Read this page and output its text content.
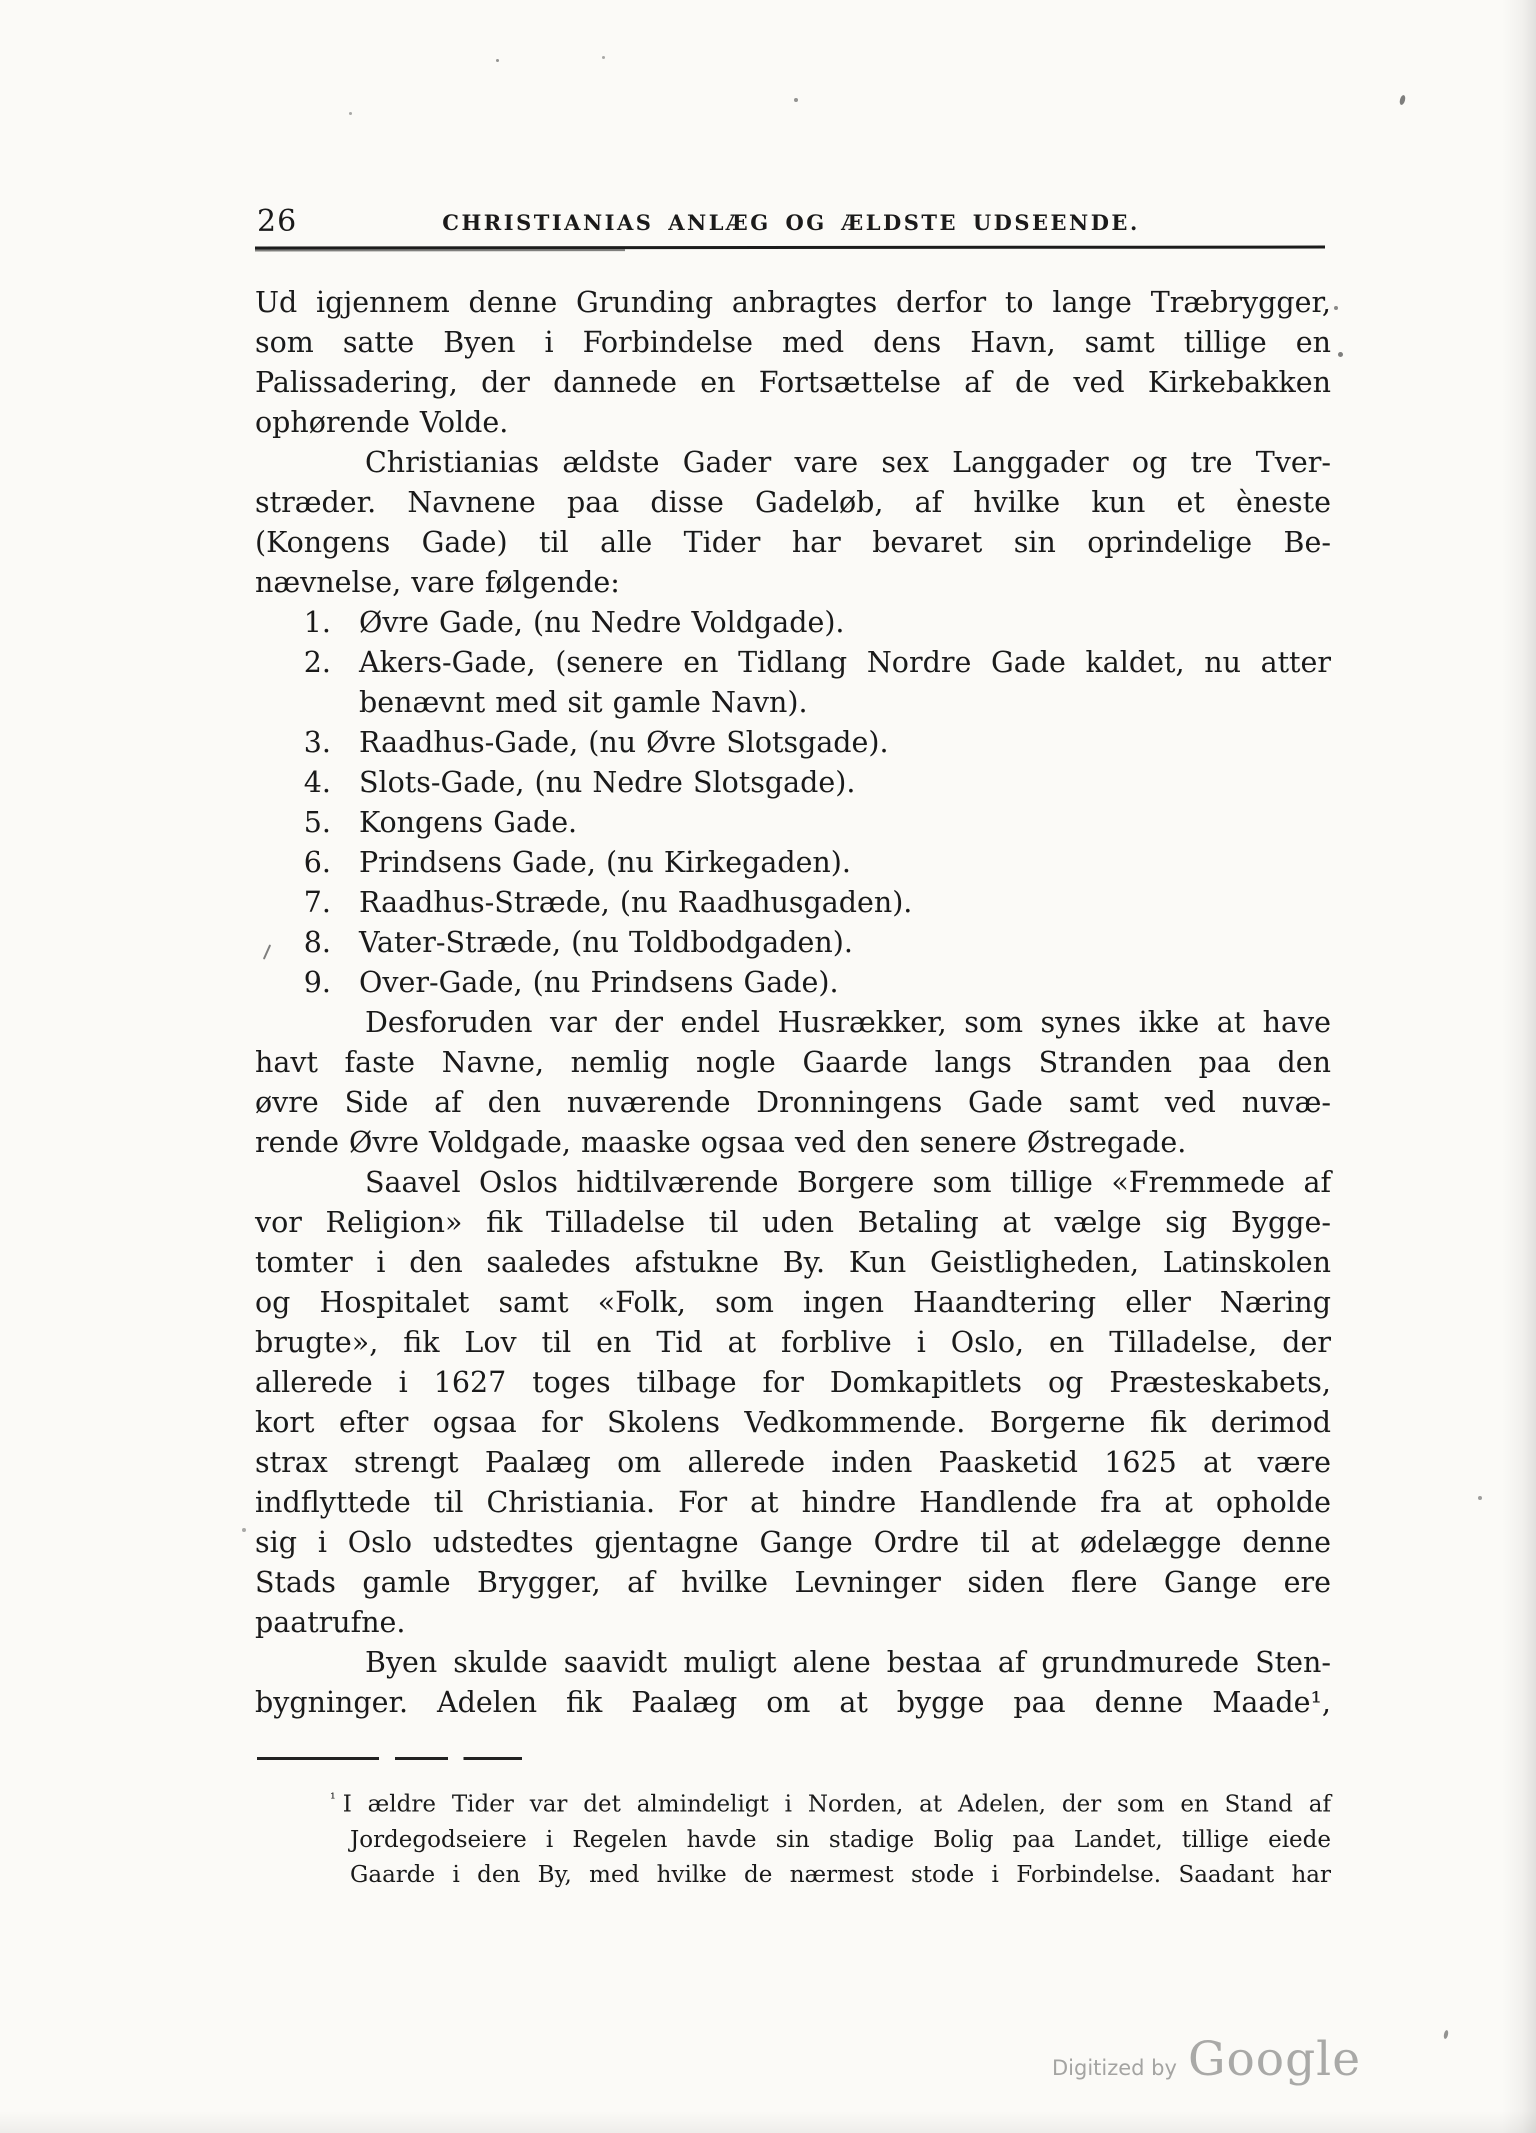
26	CHRISTIANIAS ANLÆG OG ÆLDSTE UDSEENDE.
Ud igjennem denne Grunding anbragtes derfor to lange Træbrygger,
som satte Byen i Forbindelse med dens Havn, samt tillige en
Palissadering, der dannede en Fortsættelse af de ved Kirkebakken
ophørende Volde.
Christianias ældste Gader vare sex Langgader og tre Tver-
stræder. Navnene paa disse Gadeløb, af hvilke kun et èneste
(Kongens Gade) til alle Tider har bevaret sin oprindelige Be-
nævnelse, vare følgende:
1. Øvre Gade, (nu Nedre Voldgade).
2. Akers-Gade, (senere en Tidlang Nordre Gade kaldet, nu atter
benævnt med sit gamle Navn).
3. Raadhus-Gade, (nu Øvre Slotsgade).
4. Slots-Gade, (nu Nedre Slotsgade).
5. Kongens Gade.
6. Prindsens Gade, (nu Kirkegaden).
7. Raadhus-Stræde, (nu Raadhusgaden).
8. Vater-Stræde, (nu Toldbodgaden).
9. Over-Gade, (nu Prindsens Gade).
Desforuden var der endel Husrækker, som synes ikke at have
havt faste Navne, nemlig nogle Gaarde langs Stranden paa den
øvre Side af den nuværende Dronningens Gade samt ved nuvæ-
rende Øvre Voldgade, maaske ogsaa ved den senere Østregade.
Saavel Oslos hidtilværende Borgere som tillige «Fremmede af
vor Religion» fik Tilladelse til uden Betaling at vælge sig Bygge-
tomter i den saaledes afstukne By. Kun Geistligheden, Latinskolen
og Hospitalet samt «Folk, som ingen Haandtering eller Næring
brugte», fik Lov til en Tid at forblive i Oslo, en Tilladelse, der
allerede i 1627 toges tilbage for Domkapitlets og Præsteskabets,
kort efter ogsaa for Skolens Vedkommende. Borgerne fik derimod
strax strengt Paalæg om allerede inden Paasketid 1625 at være
indflyttede til Christiania. For at hindre Handlende fra at opholde
sig i Oslo udstedtes gjentagne Gange Ordre til at ødelægge denne
Stads gamle Brygger, af hvilke Levninger siden flere Gange ere
paatrufne.
Byen skulde saavidt muligt alene bestaa af grundmurede Sten-
bygninger. Adelen fik Paalæg om at bygge paa denne Maade¹,
$^{^1}$ I ældre Tider var det almindeligt i Norden, at Adelen, der som en Stand af
Jordegodseiere i Regelen havde sin stadige Bolig paa Landet, tillige eiede
Gaarde i den By, med hvilke de nærmest stode i Forbindelse. Saadant har
Digitized by Google
